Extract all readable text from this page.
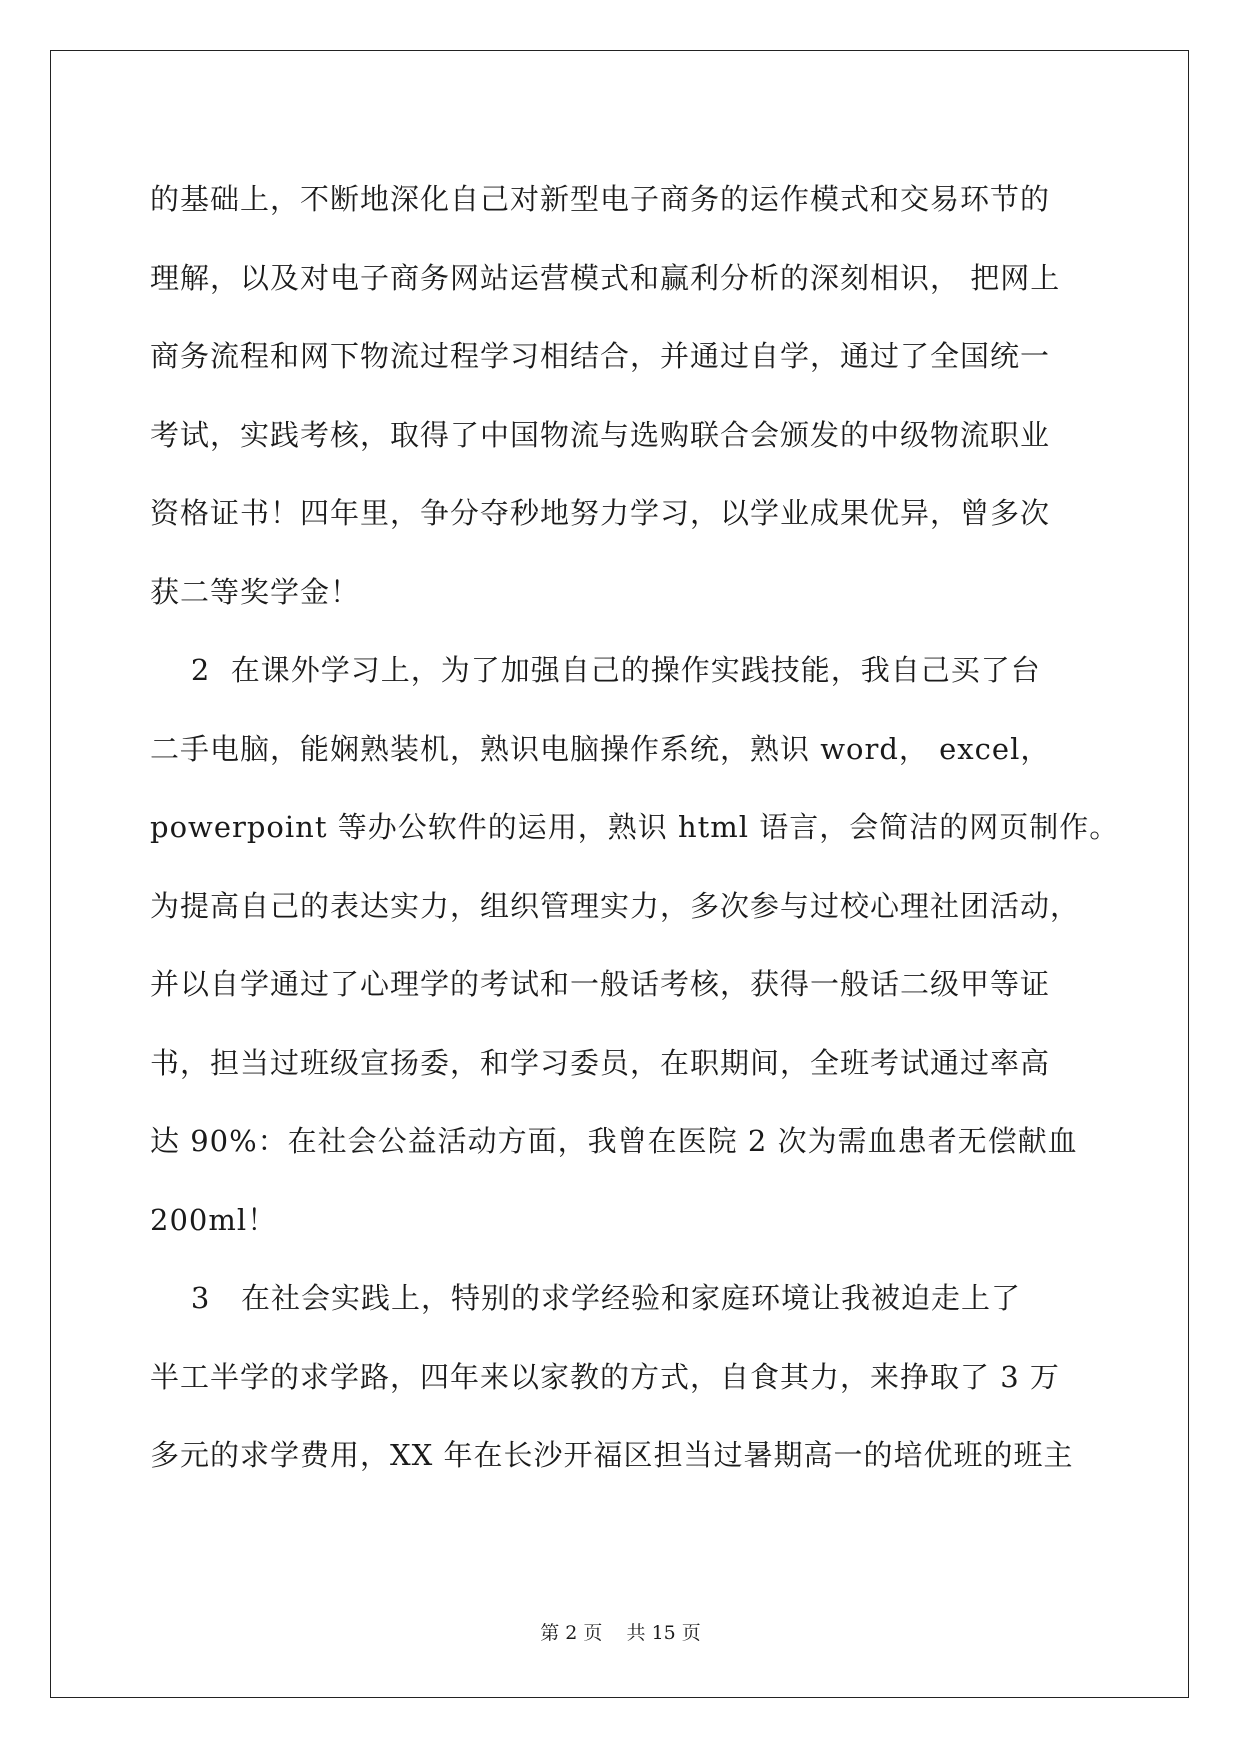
的基础上，不断地深化自己对新型电子商务的运作模式和交易环节的
理解，以及对电子商务网站运营模式和赢利分析的深刻相识， 把网上
商务流程和网下物流过程学习相结合，并通过自学，通过了全国统一
考试，实践考核，取得了中国物流与选购联合会颁发的中级物流职业
资格证书！四年里，争分夺秒地努力学习，以学业成果优异，曾多次
获二等奖学金！
2  在课外学习上，为了加强自己的操作实践技能，我自己买了台
二手电脑，能娴熟装机，熟识电脑操作系统，熟识 word， excel，
powerpoint 等办公软件的运用，熟识 html 语言，会简洁的网页制作。
为提高自己的表达实力，组织管理实力，多次参与过校心理社团活动，
并以自学通过了心理学的考试和一般话考核，获得一般话二级甲等证
书，担当过班级宣扬委，和学习委员，在职期间，全班考试通过率高
达 90%：在社会公益活动方面，我曾在医院 2 次为需血患者无偿献血
200ml！
3   在社会实践上，特别的求学经验和家庭环境让我被迫走上了
半工半学的求学路，四年来以家教的方式，自食其力，来挣取了 3 万
多元的求学费用，XX 年在长沙开福区担当过暑期高一的培优班的班主
第 2 页    共 15 页
